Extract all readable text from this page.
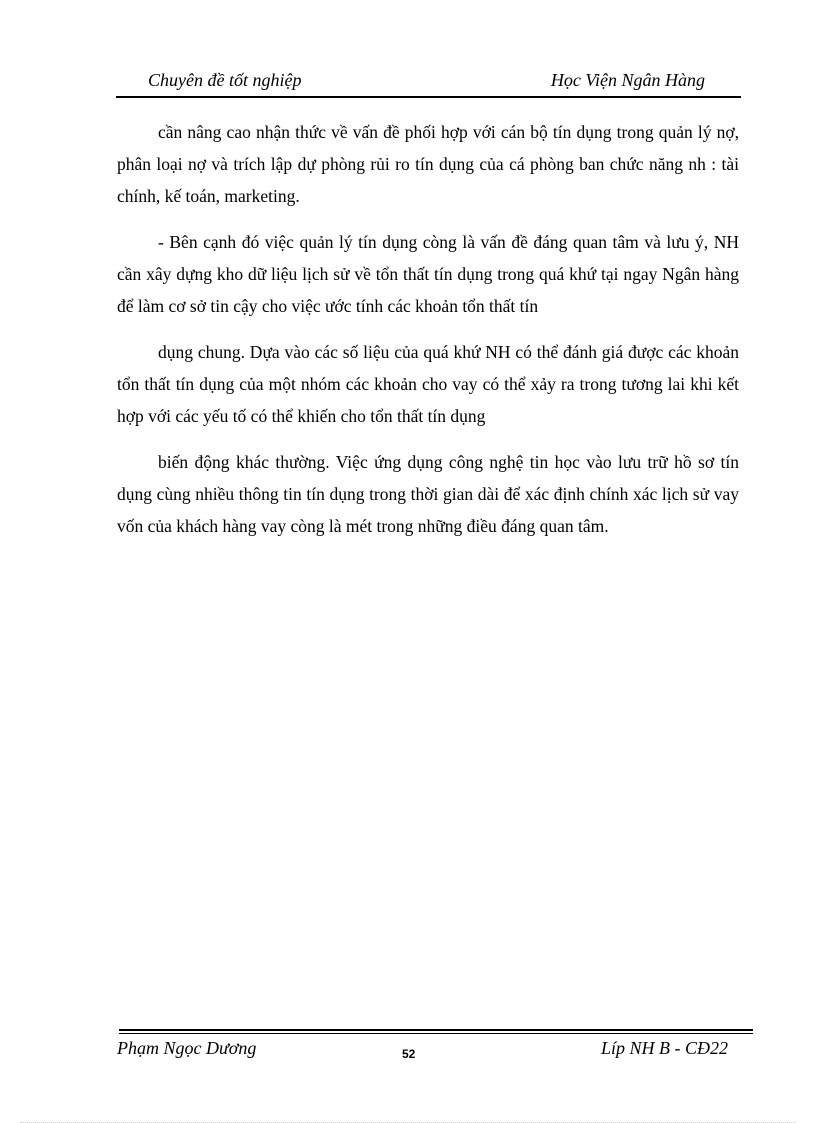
Chuyên đề tốt nghiệp	Học Viện Ngân Hàng

cần nâng cao nhận thức về vấn đề phối hợp với cán bộ tín dụng trong quản lý nợ, phân loại nợ và trích lập dự phòng rủi ro tín dụng của cá phòng ban chức năng nh : tài chính, kế toán, marketing.

- Bên cạnh đó việc quản lý tín dụng còng là vấn đề đáng quan tâm và lưu ý, NH cần xây dựng kho dữ liệu lịch sử về tổn thất tín dụng trong quá khứ tại ngay Ngân hàng để làm cơ sở tin cậy cho việc ước tính các khoản tổn thất tín

dụng chung. Dựa vào các số liệu của quá khứ NH có thể đánh giá được các khoản tổn thất tín dụng của một nhóm các khoản cho vay có thể xảy ra trong tương lai khi kết hợp với các yếu tố có thể khiến cho tổn thất tín dụng

biến động khác thường. Việc ứng dụng công nghệ tin học vào lưu trữ hồ sơ tín dụng cùng nhiều thông tin tín dụng trong thời gian dài để xác định chính xác lịch sử vay vốn của khách hàng vay còng là mét trong những điều đáng quan tâm.

Phạm Ngọc Dương	52	Líp NH B - CĐ22
